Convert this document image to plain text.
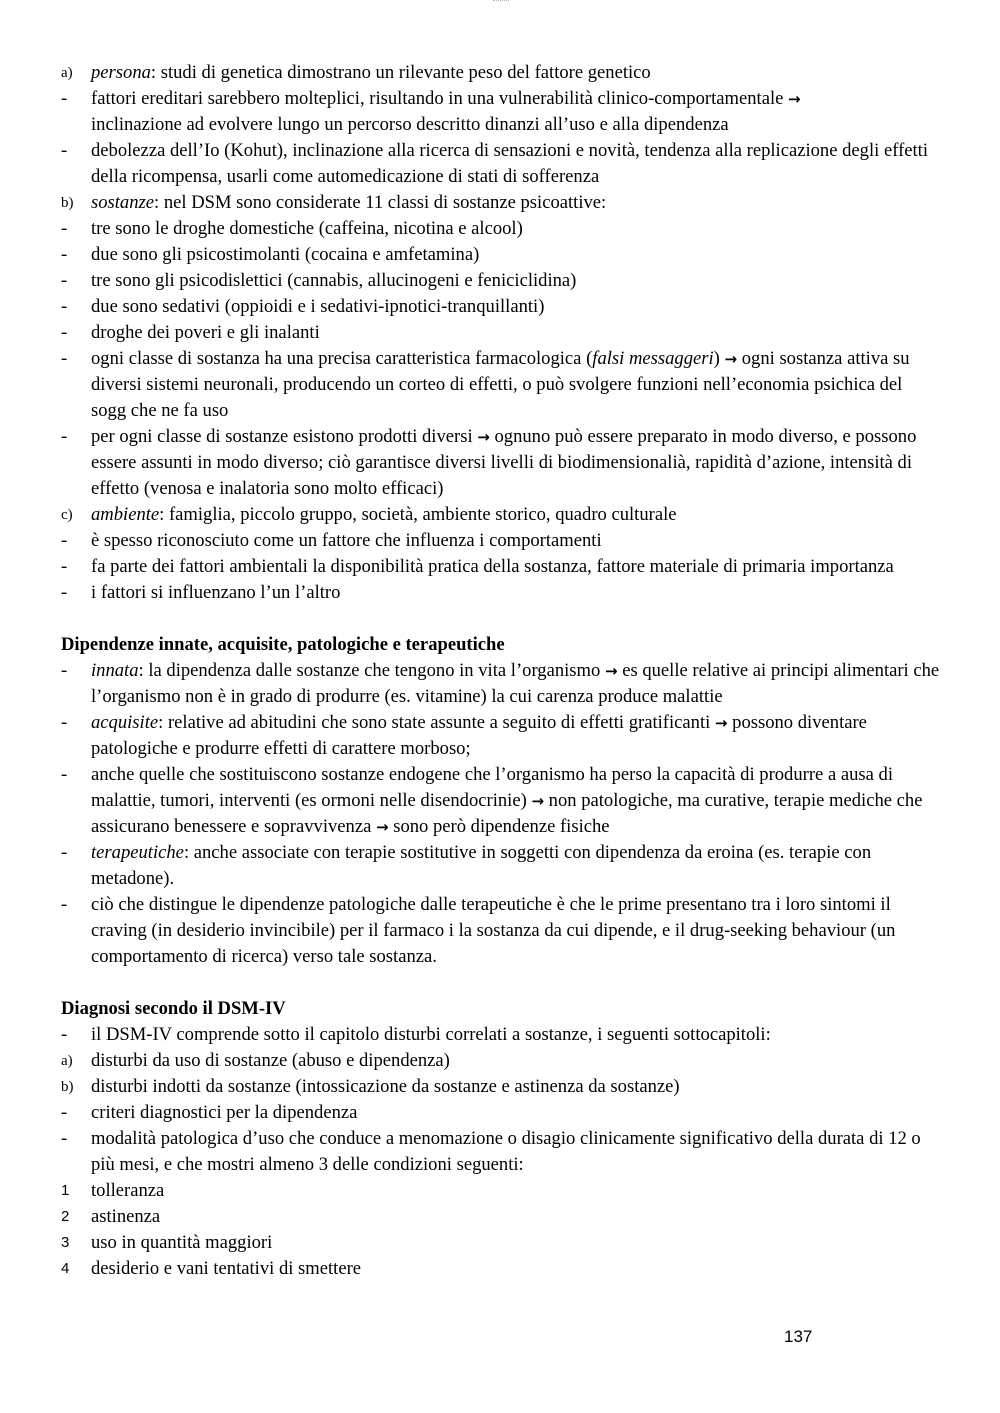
a) persona: studi di genetica dimostrano un rilevante peso del fattore genetico
-	fattori ereditari sarebbero molteplici, risultando in una vulnerabilità clinico-comportamentale →
inclinazione ad evolvere lungo un percorso descritto dinanzi all’uso e alla dipendenza
-	debolezza dell’Io (Kohut), inclinazione alla ricerca di sensazioni e novità, tendenza alla replicazione degli effetti della ricompensa, usarli come automedicazione di stati di sofferenza
b) sostanze: nel DSM sono considerate 11 classi di sostanze psicoattive:
-	tre sono le droghe domestiche (caffeina, nicotina e alcool)
-	due sono gli psicostimolanti (cocaina e amfetamina)
-	tre sono gli psicodislettici (cannabis, allucinogeni e feniciclidina)
-	due sono sedativi (oppioidi e i sedativi-ipnotici-tranquillanti)
-	droghe dei poveri e gli inalanti
-	ogni classe di sostanza ha una precisa caratteristica farmacologica (falsi messaggeri) → ogni sostanza attiva su diversi sistemi neuronali, producendo un corteo di effetti, o può svolgere funzioni nell’economia psichica del sogg che ne fa uso
-	per ogni classe di sostanze esistono prodotti diversi → ognuno può essere preparato in modo diverso, e possono essere assunti in modo diverso; ciò garantisce diversi livelli di biodimensionalià, rapidità d’azione, intensità di effetto (venosa e inalatoria sono molto efficaci)
c) ambiente: famiglia, piccolo gruppo, società, ambiente storico, quadro culturale
-	è spesso riconosciuto come un fattore che influenza i comportamenti
-	fa parte dei fattori ambientali la disponibilità pratica della sostanza, fattore materiale di primaria importanza
-	i fattori si influenzano l’un l’altro
Dipendenze innate, acquisite, patologiche e terapeutiche
-	innata: la dipendenza dalle sostanze che tengono in vita l’organismo → es quelle relative ai principi alimentari che l’organismo non è in grado di produrre (es. vitamine) la cui carenza produce malattie
-	acquisite: relative ad abitudini che sono state assunte a seguito di effetti gratificanti → possono diventare patologiche e produrre effetti di carattere morboso;
-	anche quelle che sostituiscono sostanze endogene che l’organismo ha perso la capacità di produrre a ausa di malattie, tumori, interventi (es ormoni nelle disendocrinie) → non patologiche, ma curative, terapie mediche che assicurano benessere e sopravvivenza → sono però dipendenze fisiche
-	terapeutiche: anche associate con terapie sostitutive in soggetti con dipendenza da eroina (es. terapie con metadone).
-	ciò che distingue le dipendenze patologiche dalle terapeutiche è che le prime presentano tra i loro sintomi il craving (in desiderio invincibile) per il farmaco i la sostanza da cui dipende, e il drug-seeking behaviour (un comportamento di ricerca) verso tale sostanza.
Diagnosi secondo il DSM-IV
-	il DSM-IV comprende sotto il capitolo disturbi correlati a sostanze, i seguenti sottocapitoli:
a) disturbi da uso di sostanze (abuso e dipendenza)
b) disturbi indotti da sostanze (intossicazione da sostanze e astinenza da sostanze)
-	criteri diagnostici per la dipendenza
-	modalità patologica d’uso che conduce a menomazione o disagio clinicamente significativo della durata di 12 o più mesi, e che mostri almeno 3 delle condizioni seguenti:
1	tolleranza
2	astinenza
3	uso in quantità maggiori
4	desiderio e vani tentativi di smettere
137
